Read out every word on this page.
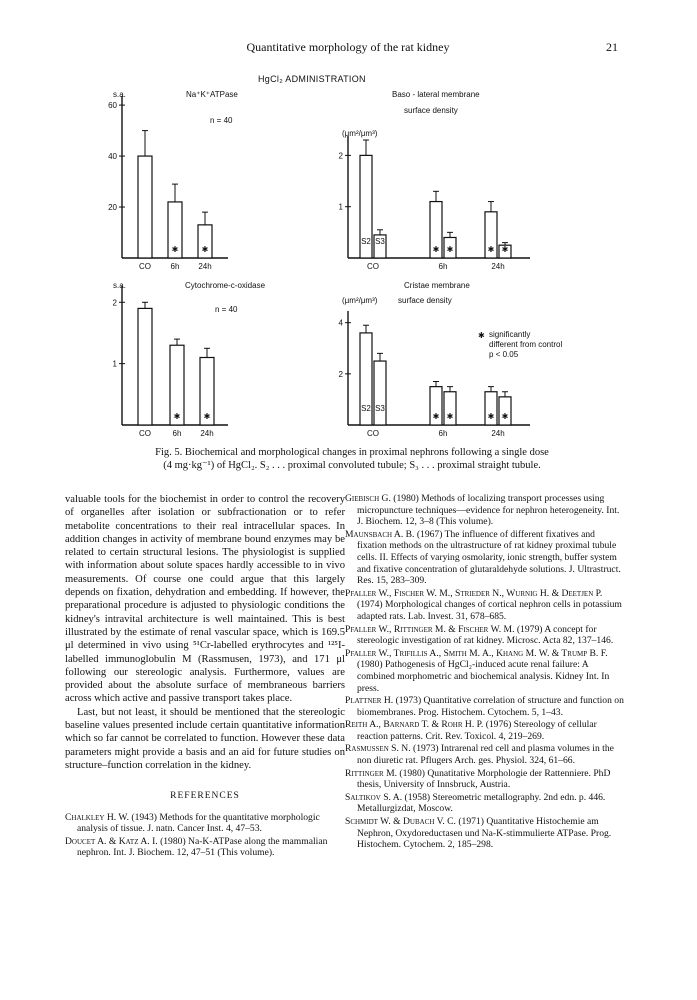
Quantitative morphology of the rat kidney	21
HgCl₂ ADMINISTRATION
s.a.	Na⁺K⁺ATPase
n = 40
Baso - lateral membrane
surface density
(μm²/μm³)
s.a.	Cytochrome-c-oxidase
n = 40
Cristae membrane
(μm²/μm³)	surface density
✱ significantly
different from control
p < 0.05
20
40
60
CO 6h 24h
✱	✱
1
2
CO	6h	24h
S2 S3
✱ ✱	✱ ✱
1
2
CO	6h 24h
✱	✱
2
4
CO	6h	24h
S2 S3
✱ ✱	✱ ✱
Fig. 5. Biochemical and morphological changes in proximal nephrons following a single dose
(4 mg·kg⁻¹) of HgCl₂. S₂ . . . proximal convoluted tubule; S₃ . . . proximal straight tubule.

valuable tools for the biochemist in order to control the recovery of organelles after isolation or subfractionation or to refer metabolite concentrations to their real intracellular spaces. In addition changes in activity of membrane bound enzymes may be related to certain structural lesions. The physiologist is supplied with information about solute spaces hardly accessible to in vivo measurements. Of course one could argue that this largely depends on fixation, dehydration and embedding. If however, the preparational procedure is adjusted to physiologic conditions the kidney's intravital architecture is well maintained. This is best illustrated by the estimate of renal vascular space, which is 169.5 μl determined in vivo using ⁵¹Cr-labelled erythrocytes and ¹²⁵I-labelled immunoglobulin M (Rassmusen, 1973), and 171 μl following our stereologic analysis. Furthermore, values are provided about the absolute surface of membraneous barriers across which active and passive transport takes place.

Last, but not least, it should be mentioned that the stereologic baseline values presented include certain quantitative information which so far cannot be correlated to function. However these data parameters might provide a basis and an aid for future studies on structure–function correlation in the kidney.

REFERENCES
Chalkley H. W. (1943) Methods for the quantitative morphologic analysis of tissue. J. natn. Cancer Inst. 4, 47–53.
Doucet A. & Katz A. I. (1980) Na-K-ATPase along the mammalian nephron. Int. J. Biochem. 12, 47–51 (This volume).
Giebisch G. (1980) Methods of localizing transport processes using micropuncture techniques—evidence for nephron heterogeneity. Int. J. Biochem. 12, 3–8 (This volume).
Maunsbach A. B. (1967) The influence of different fixatives and fixation methods on the ultrastructure of rat kidney proximal tubule cells. II. Effects of varying osmolarity, ionic strength, buffer system and fixative concentration of glutaraldehyde solutions. J. Ultrastruct. Res. 15, 283–309.
Pfaller W., Fischer W. M., Strieder N., Wurnig H. & Deetjen P. (1974) Morphological changes of cortical nephron cells in potassium adapted rats. Lab. Invest. 31, 678–685.
Pfaller W., Rittinger M. & Fischer W. M. (1979) A concept for stereologic investigation of rat kidney. Microsc. Acta 82, 137–146.
Pfaller W., Trifillis A., Smith M. A., Khang M. W. & Trump B. F. (1980) Pathogenesis of HgCl₂-induced acute renal failure: A combined morphometric and biochemical analysis. Kidney Int. In press.
Plattner H. (1973) Quantitative correlation of structure and function on biomembranes. Prog. Histochem. Cytochem. 5, 1–43.
Reith A., Barnard T. & Rohr H. P. (1976) Stereology of cellular reaction patterns. Crit. Rev. Toxicol. 4, 219–269.
Rasmussen S. N. (1973) Intrarenal red cell and plasma volumes in the non diuretic rat. Pflugers Arch. ges. Physiol. 324, 61–66.
Rittinger M. (1980) Qunatitative Morphologie der Rattenniere. PhD thesis, University of Innsbruck, Austria.
Saltikov S. A. (1958) Stereometric metallography. 2nd edn. p. 446. Metallurgizdat, Moscow.
Schmidt W. & Dubach V. C. (1971) Quantitative Histochemie am Nephron, Oxydoreductasen und Na-K-stimmulierte ATPase. Prog. Histochem. Cytochem. 2, 185–298.
